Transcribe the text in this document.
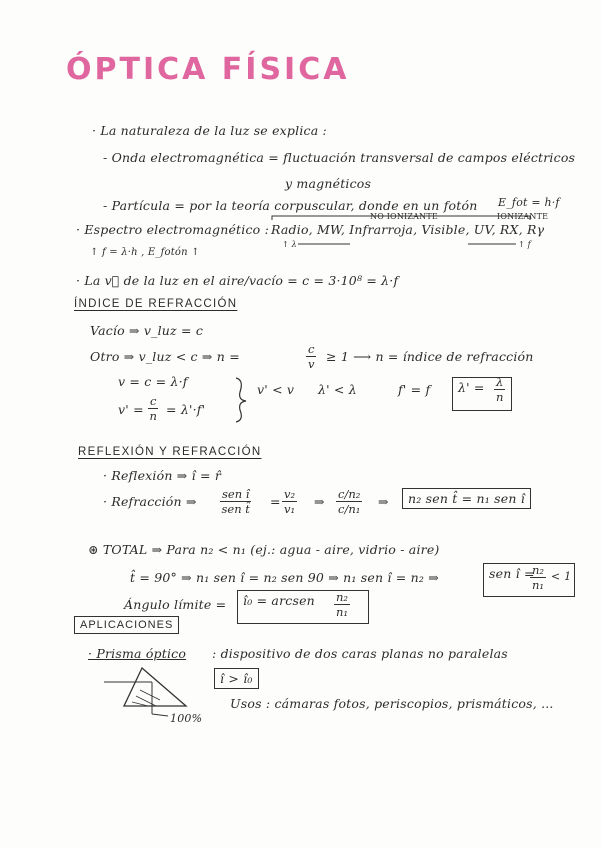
ÓPTICA FÍSICA
· La naturaleza de la luz se explica :
- Onda electromagnética = fluctuación transversal de campos eléctricos
y magnéticos
- Partícula = por la teoría corpuscular, donde en un fotón E_fot = h·f
NO IONIZANTE	IONIZANTE
· Espectro electromagnético : Radio, MW, Infrarroja, Visible, UV, RX, Rγ
↑ λ	↑ f
↑ f = λ·h , E_fotón ↑
· La v⃗ de la luz en el aire/vacío = c = 3·10⁸ = λ·f
ÍNDICE DE REFRACCIÓN
Vacío ⇒ v_luz = c
Otro ⇒ v_luz < c ⇒ n =	$\frac{c}{v} \ge 1$ ⟶ n = índice de refracción
v = c = λ·f
$v' = \frac{c}{n} = \lambda'\cdot f'$
v' < v λ' < λ	f' = f	$\lambda' = \frac{\lambda}{n}$
REFLEXIÓN Y REFRACCIÓN
· Reflexión ⇒ î = r̂
· Refracción ⇒ sen î
sen t̂ = $\frac{\text{v₂}}{\text{v₁}}$ ⇒ $\frac{\text{c/n₂}}{\text{c/n₁}}$ ⇒	n₂ sen t̂ = n₁ sen î
⊛ TOTAL ⇒ Para n₂ < n₁ (ej.: agua - aire, vidrio - aire)
t̂ = 90° ⇒ n₁ sen î = n₂ sen 90 ⇒ n₁ sen î = n₂ ⇒	sen î =
$\frac{\text{n₂}}{\text{n₁}} < 1$
Ángulo límite =	î₀ = arcsen	$\frac{\text{n₂}}{\text{n₁}}$
APLICACIONES
· Prisma óptico : dispositivo de dos caras planas no paralelas
î > î₀
Usos : cámaras fotos, periscopios, prismáticos, ...
100%
